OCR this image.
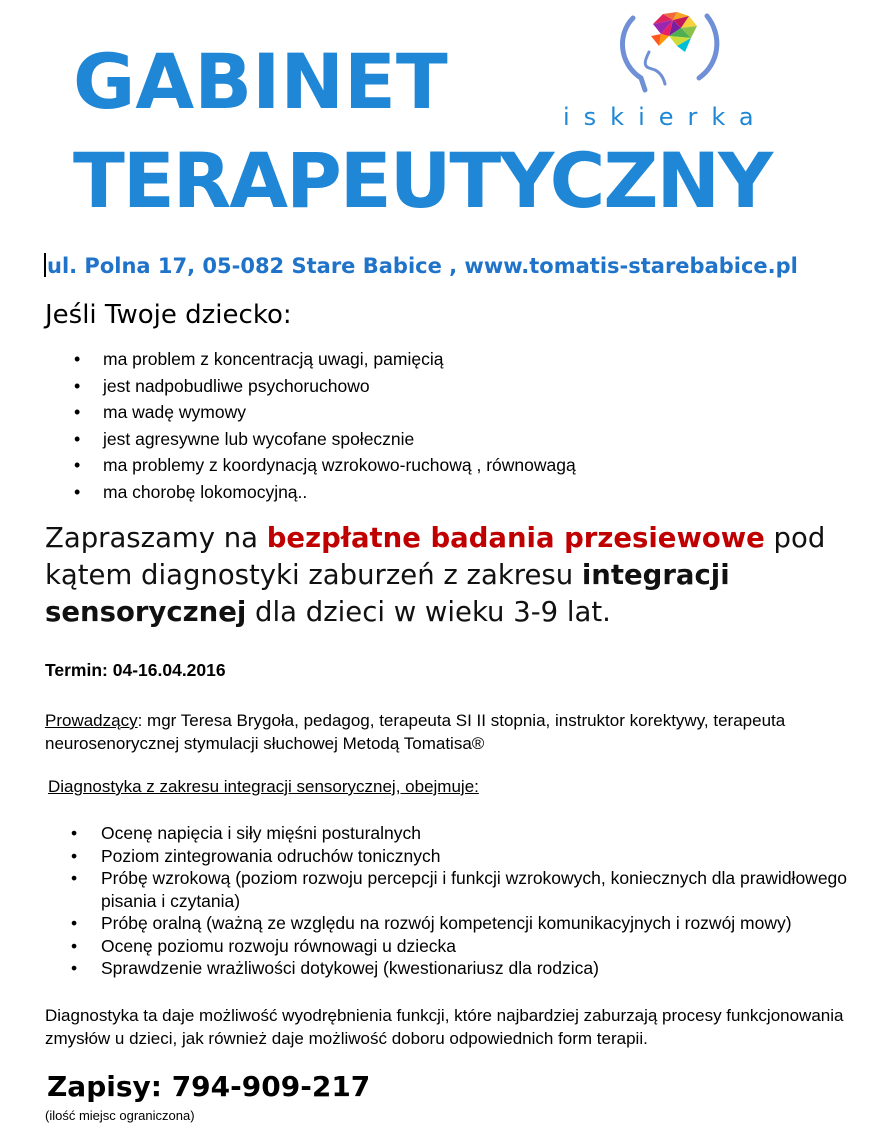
GABINET
TERAPEUTYCZNY
iskierka
ul. Polna 17, 05-082 Stare Babice , www.tomatis-starebabice.pl
Jeśli Twoje dziecko:
• ma problem z koncentracją uwagi, pamięcią
• jest nadpobudliwe psychoruchowo
• ma wadę wymowy
• jest agresywne lub wycofane społecznie
• ma problemy z koordynacją wzrokowo-ruchową , równowagą
• ma chorobę lokomocyjną..
Zapraszamy na bezpłatne badania przesiewowe pod kątem diagnostyki zaburzeń z zakresu integracji sensorycznej dla dzieci w wieku 3-9 lat.
Termin: 04-16.04.2016
Prowadzący: mgr Teresa Brygoła, pedagog, terapeuta SI II stopnia, instruktor korektywy, terapeuta neurosenorycznej stymulacji słuchowej Metodą Tomatisa®
Diagnostyka z zakresu integracji sensorycznej, obejmuje:
• Ocenę napięcia i siły mięśni posturalnych
• Poziom zintegrowania odruchów tonicznych
• Próbę wzrokową (poziom rozwoju percepcji i funkcji wzrokowych, koniecznych dla prawidłowego pisania i czytania)
• Próbę oralną (ważną ze względu na rozwój kompetencji komunikacyjnych i rozwój mowy)
• Ocenę poziomu rozwoju równowagi u dziecka
• Sprawdzenie wrażliwości dotykowej (kwestionariusz dla rodzica)
Diagnostyka ta daje możliwość wyodrębnienia funkcji, które najbardziej zaburzają procesy funkcjonowania zmysłów u dzieci, jak również daje możliwość doboru odpowiednich form terapii.
Zapisy: 794-909-217
(ilość miejsc ograniczona)
